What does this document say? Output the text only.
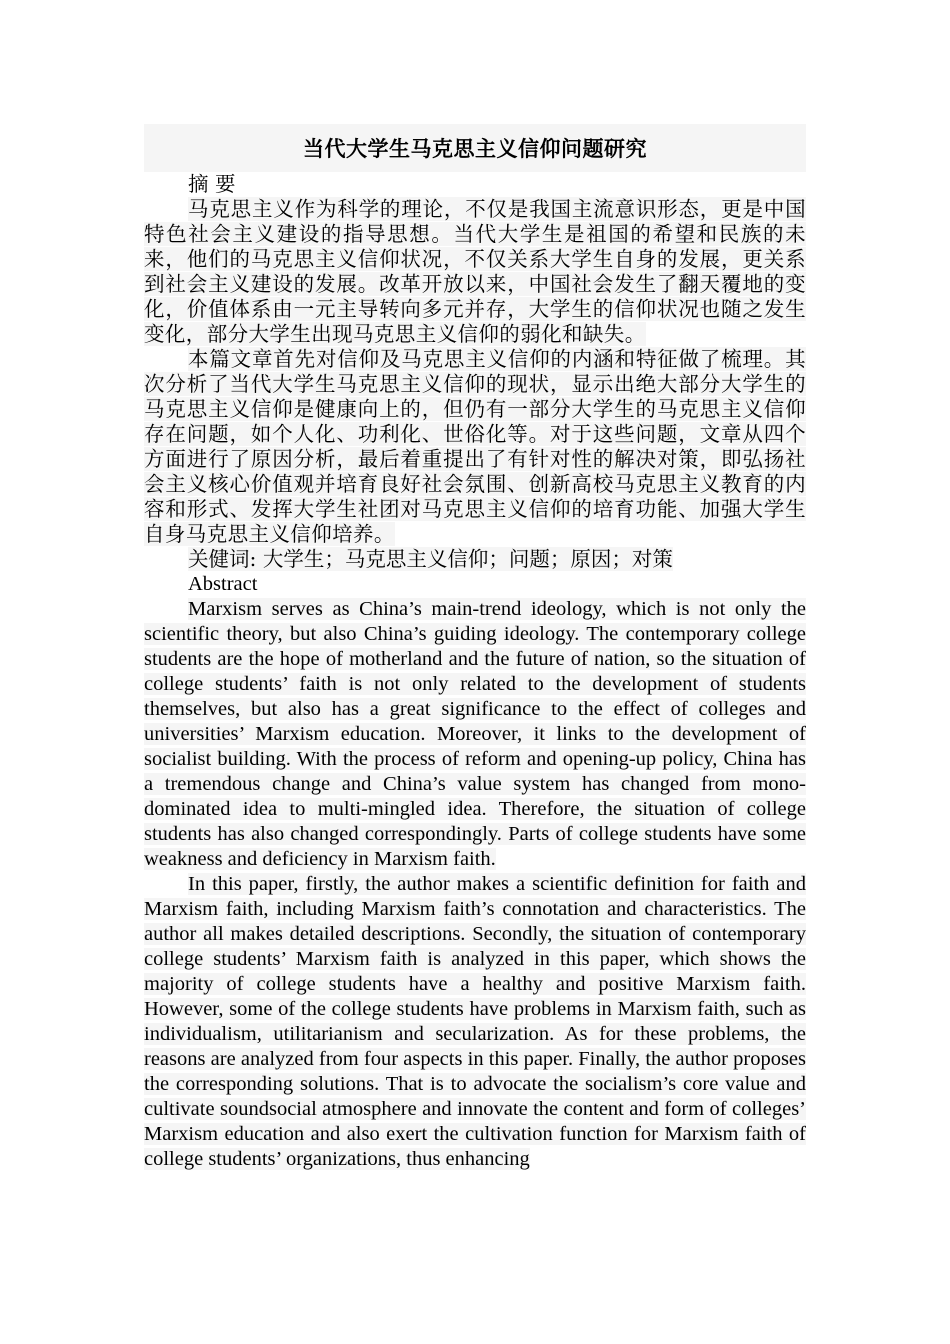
当代大学生马克思主义信仰问题研究

摘 要

马克思主义作为科学的理论，不仅是我国主流意识形态，更是中国特色社会主义建设的指导思想。当代大学生是祖国的希望和民族的未来，他们的马克思主义信仰状况，不仅关系大学生自身的发展，更关系到社会主义建设的发展。改革开放以来，中国社会发生了翻天覆地的变化，价值体系由一元主导转向多元并存，大学生的信仰状况也随之发生变化，部分大学生出现马克思主义信仰的弱化和缺失。

本篇文章首先对信仰及马克思主义信仰的内涵和特征做了梳理。其次分析了当代大学生马克思主义信仰的现状，显示出绝大部分大学生的马克思主义信仰是健康向上的，但仍有一部分大学生的马克思主义信仰存在问题，如个人化、功利化、世俗化等。对于这些问题，文章从四个方面进行了原因分析，最后着重提出了有针对性的解决对策，即弘扬社会主义核心价值观并培育良好社会氛围、创新高校马克思主义教育的内容和形式、发挥大学生社团对马克思主义信仰的培育功能、加强大学生自身马克思主义信仰培养。

关健词: 大学生；马克思主义信仰；问题；原因；对策

Abstract

Marxism serves as China’s main-trend ideology, which is not only the scientific theory, but also China’s guiding ideology. The contemporary college students are the hope of motherland and the future of nation, so the situation of college students’ faith is not only related to the development of students themselves, but also has a great significance to the effect of colleges and universities’ Marxism education. Moreover, it links to the development of socialist building. With the process of reform and opening-up policy, China has a tremendous change and China’s value system has changed from mono-dominated idea to multi-mingled idea. Therefore, the situation of college students has also changed correspondingly. Parts of college students have some weakness and deficiency in Marxism faith.

In this paper, firstly, the author makes a scientific definition for faith and Marxism faith, including Marxism faith’s connotation and characteristics. The author all makes detailed descriptions. Secondly, the situation of contemporary college students’ Marxism faith is analyzed in this paper, which shows the majority of college students have a healthy and positive Marxism faith. However, some of the college students have problems in Marxism faith, such as individualism, utilitarianism and secularization. As for these problems, the reasons are analyzed from four aspects in this paper. Finally, the author proposes the corresponding solutions. That is to advocate the socialism’s core value and cultivate soundsocial atmosphere and innovate the content and form of colleges’ Marxism education and also exert the cultivation function for Marxism faith of college students’ organizations, thus enhancing
